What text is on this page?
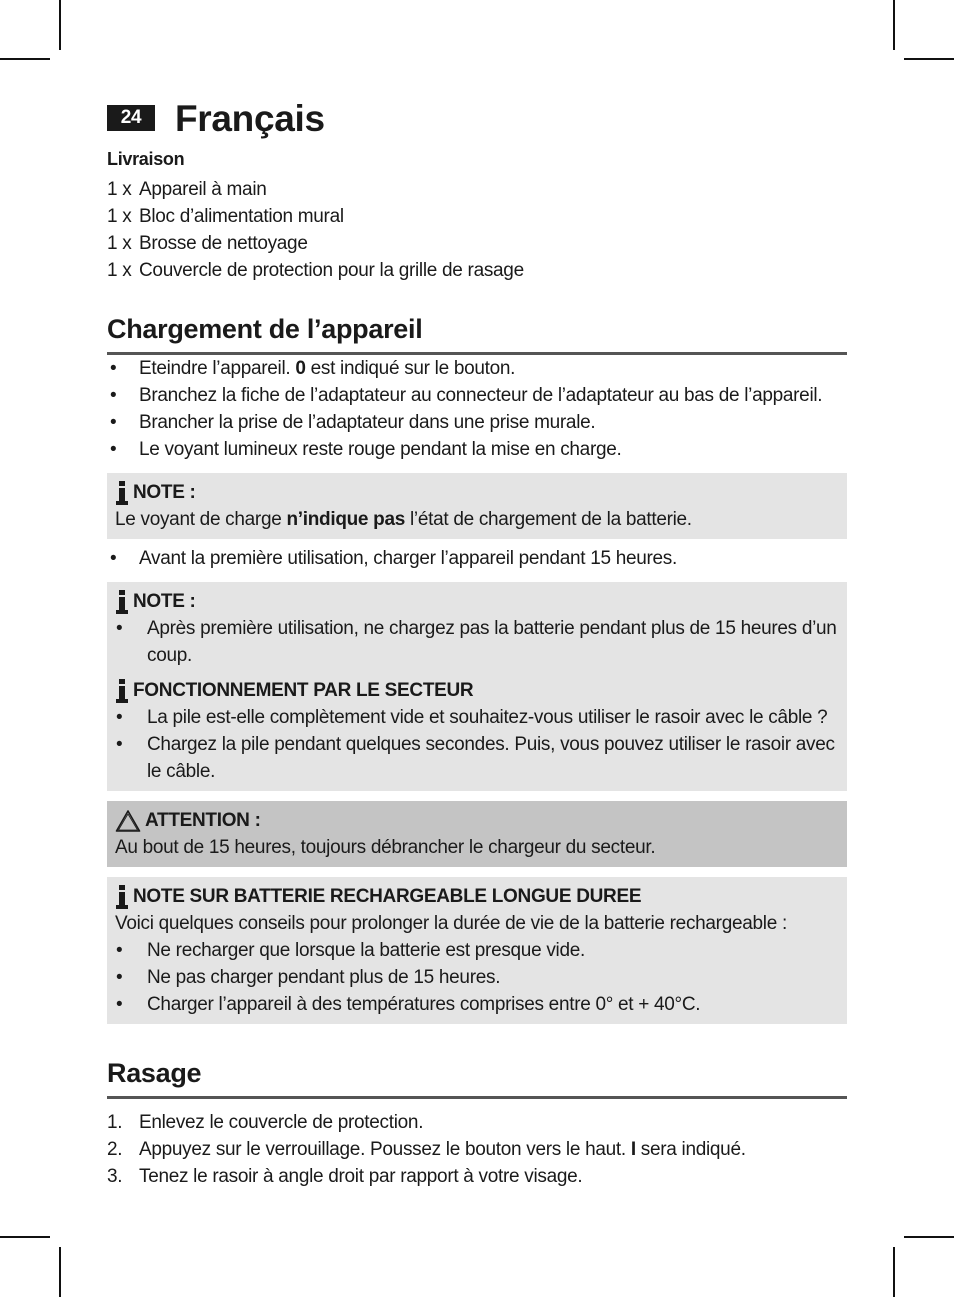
24 Français
Livraison
1 x Appareil à main
1 x Bloc d’alimentation mural
1 x Brosse de nettoyage
1 x Couvercle de protection pour la grille de rasage
Chargement de l’appareil
• Eteindre l’appareil. 0 est indiqué sur le bouton.
• Branchez la fiche de l’adaptateur au connecteur de l’adaptateur au bas de l’appareil.
• Brancher la prise de l’adaptateur dans une prise murale.
• Le voyant lumineux reste rouge pendant la mise en charge.
NOTE :
Le voyant de charge n’indique pas l’état de chargement de la batterie.
• Avant la première utilisation, charger l’appareil pendant 15 heures.
NOTE :
• Après première utilisation, ne chargez pas la batterie pendant plus de 15 heures d’un coup.
FONCTIONNEMENT PAR LE SECTEUR
• La pile est-elle complètement vide et souhaitez-vous utiliser le rasoir avec le câble ?
• Chargez la pile pendant quelques secondes. Puis, vous pouvez utiliser le rasoir avec le câble.
ATTENTION :
Au bout de 15 heures, toujours débrancher le chargeur du secteur.
NOTE SUR BATTERIE RECHARGEABLE LONGUE DUREE
Voici quelques conseils pour prolonger la durée de vie de la batterie rechargeable :
• Ne recharger que lorsque la batterie est presque vide.
• Ne pas charger pendant plus de 15 heures.
• Charger l’appareil à des températures comprises entre 0° et + 40°C.
Rasage
1. Enlevez le couvercle de protection.
2. Appuyez sur le verrouillage. Poussez le bouton vers le haut. I sera indiqué.
3. Tenez le rasoir à angle droit par rapport à votre visage.
